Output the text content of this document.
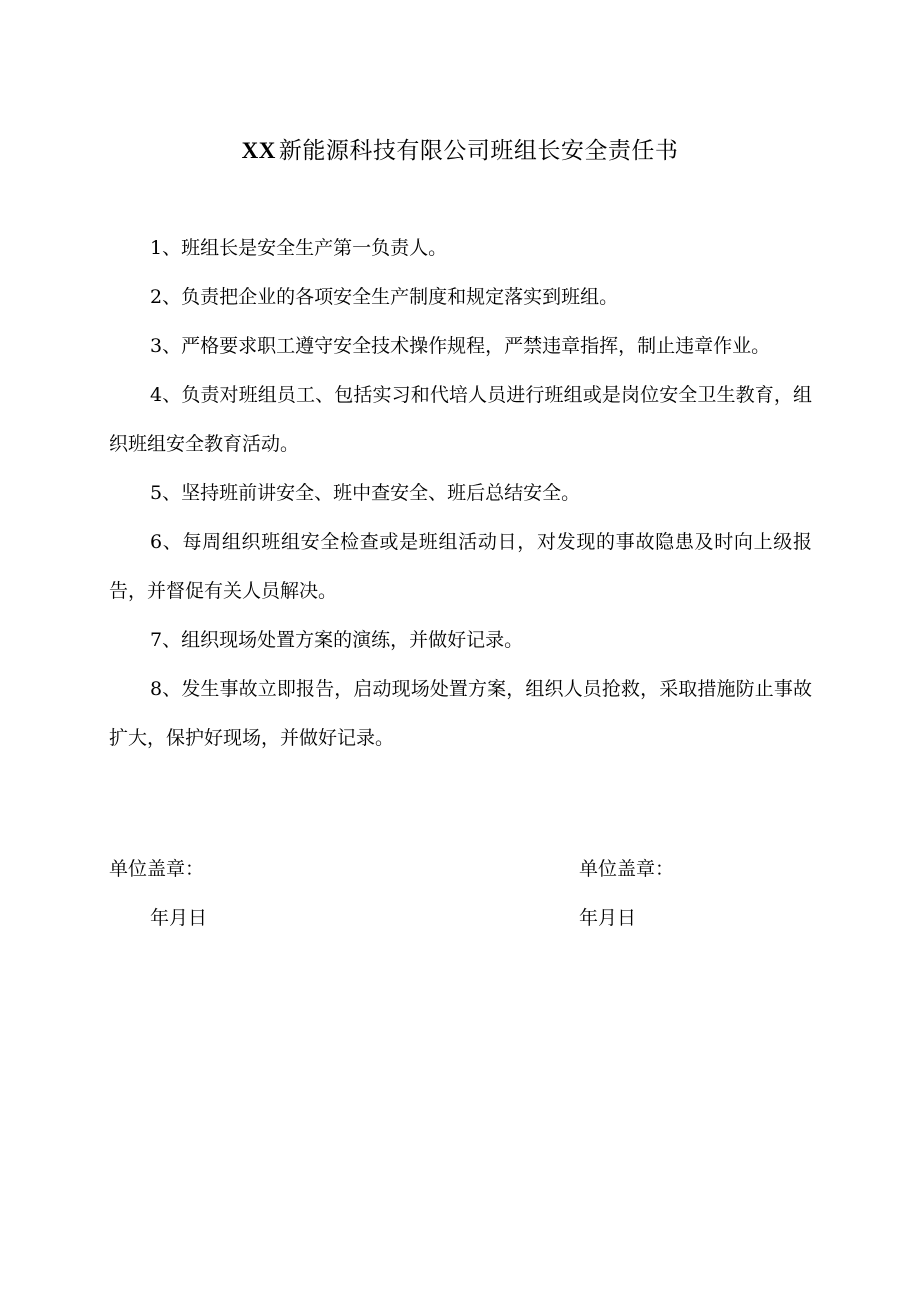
XX 新能源科技有限公司班组长安全责任书

1、班组长是安全生产第一负责人。

2、负责把企业的各项安全生产制度和规定落实到班组。

3、严格要求职工遵守安全技术操作规程，严禁违章指挥，制止违章作业。

4、负责对班组员工、包括实习和代培人员进行班组或是岗位安全卫生教育，组织班组安全教育活动。

5、坚持班前讲安全、班中查安全、班后总结安全。

6、每周组织班组安全检查或是班组活动日，对发现的事故隐患及时向上级报告，并督促有关人员解决。

7、组织现场处置方案的演练，并做好记录。

8、发生事故立即报告，启动现场处置方案，组织人员抢救，采取措施防止事故扩大，保护好现场，并做好记录。

单位盖章：
年月日
单位盖章：
年月日
